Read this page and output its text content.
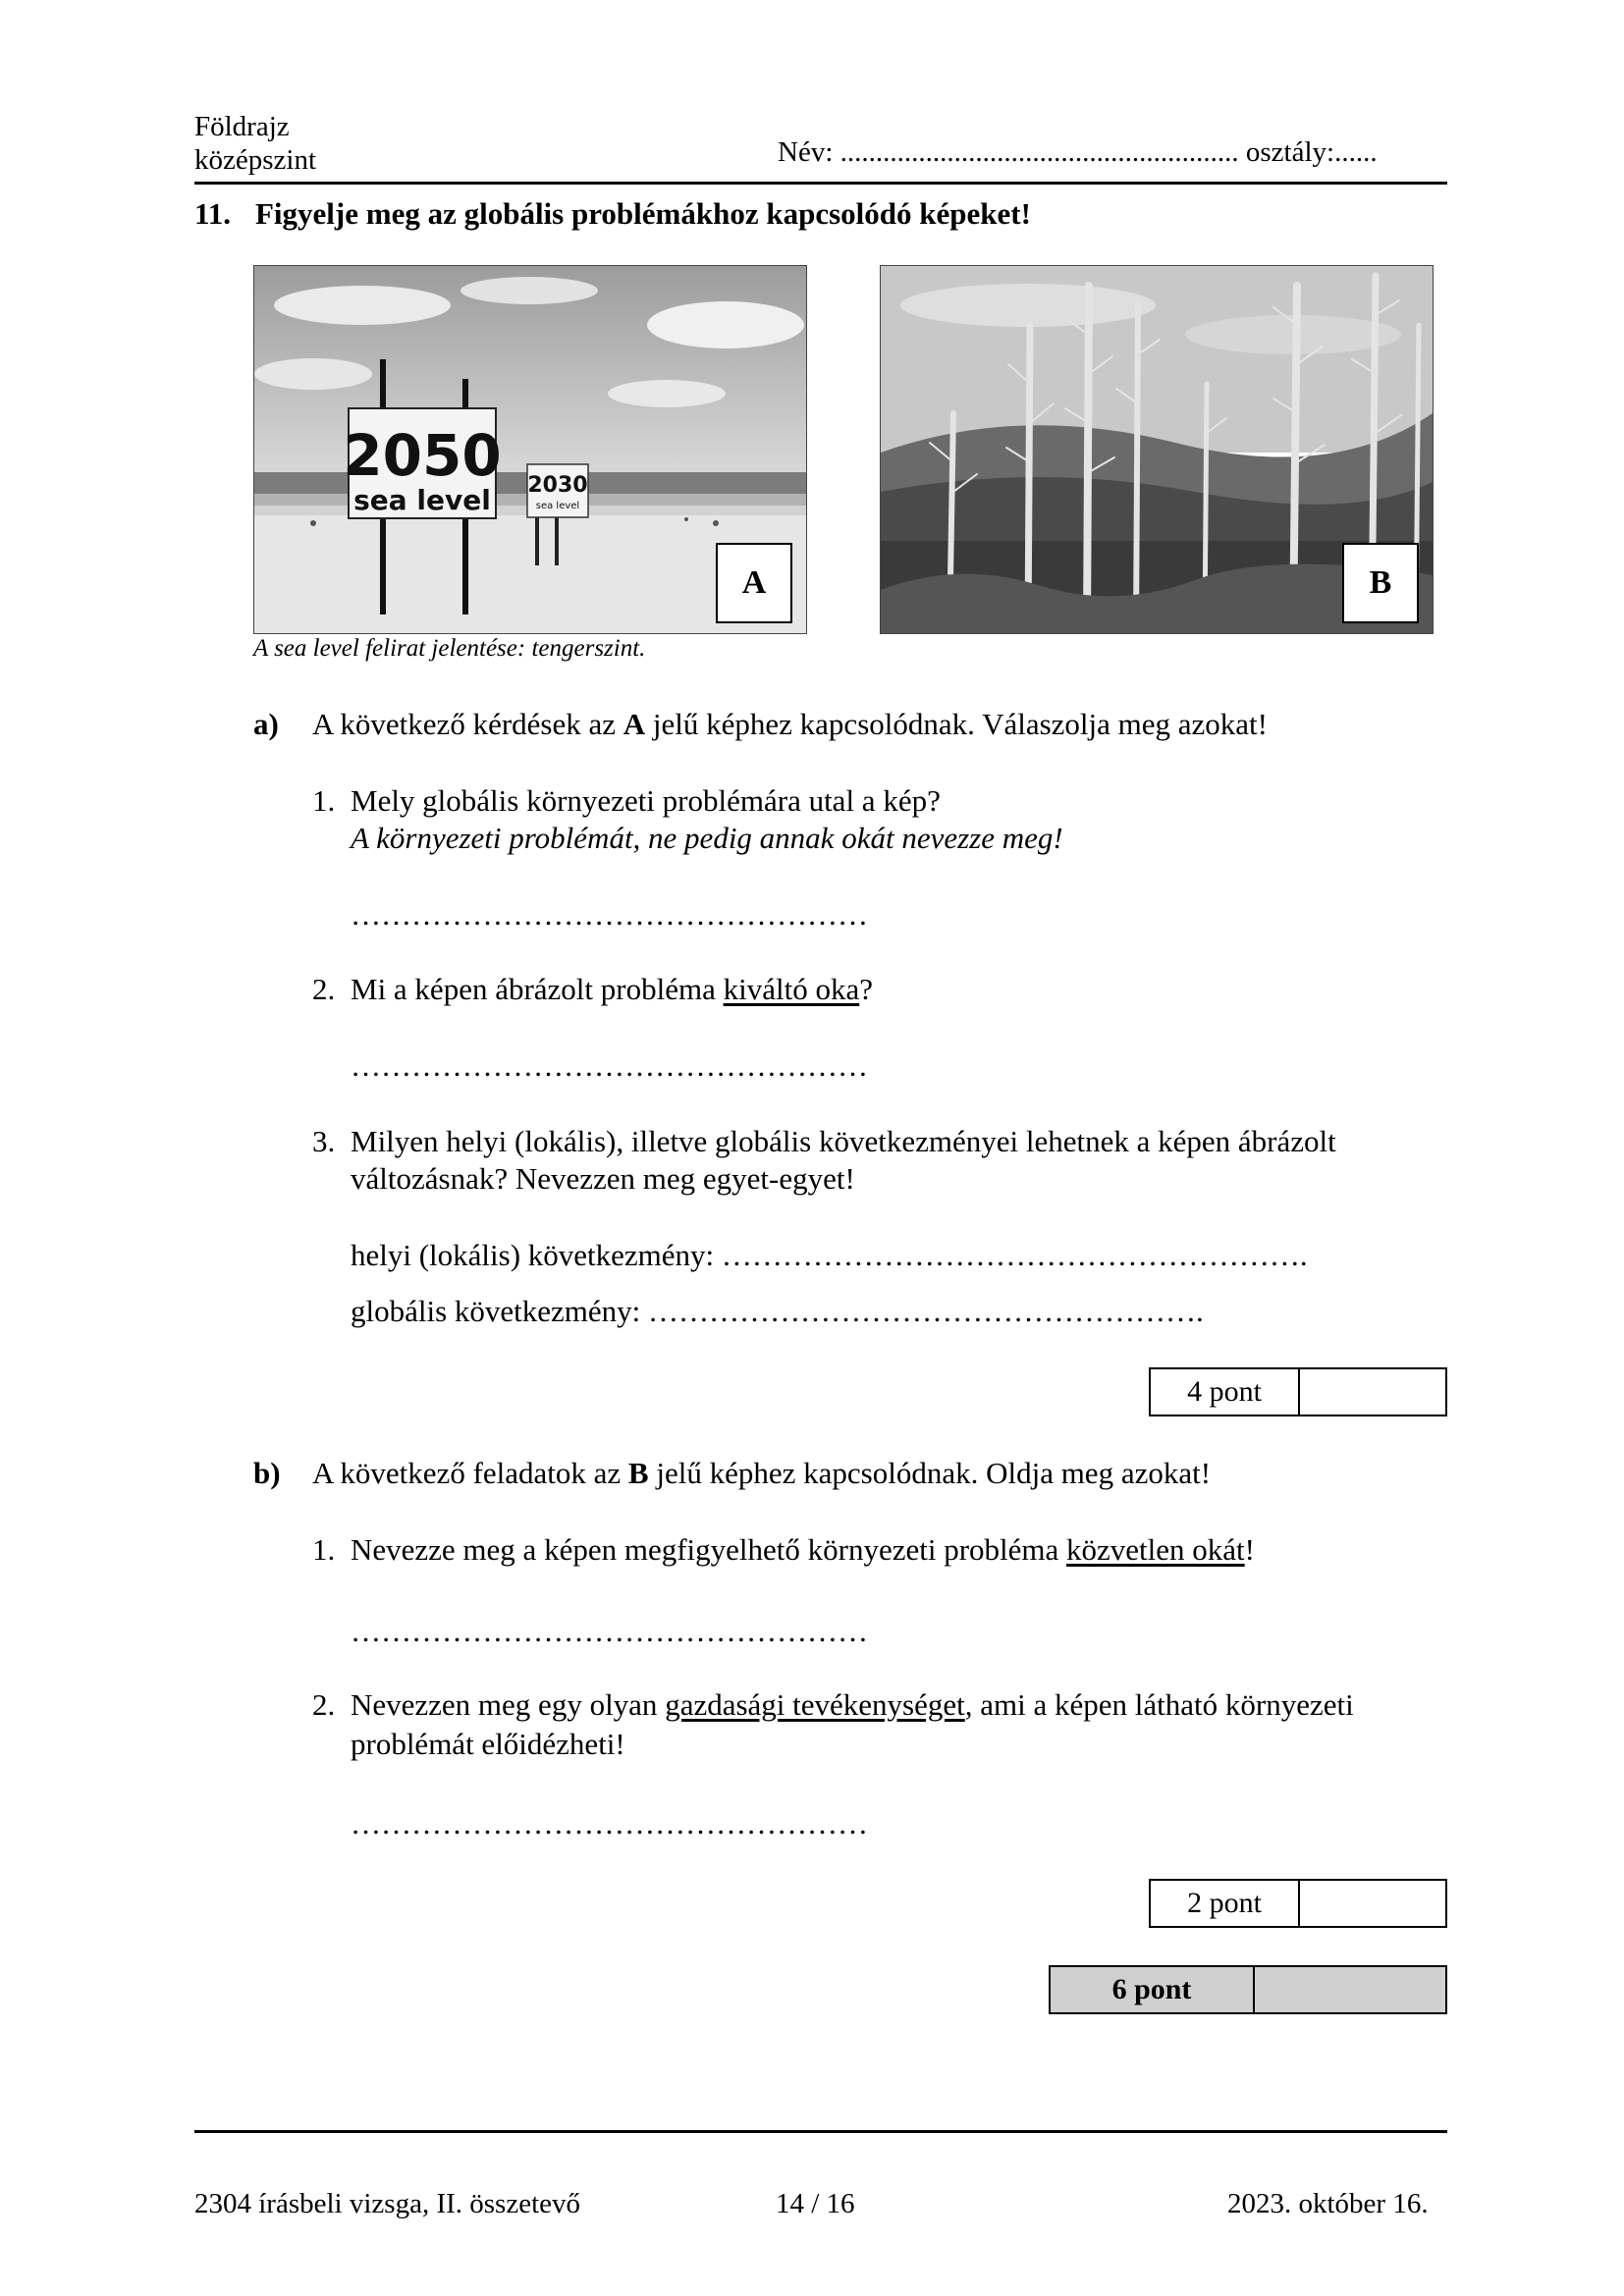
Földrajz
középszint	Név: ........................................................ osztály:......
11. Figyelje meg az globális problémákhoz kapcsolódó képeket!
2050
sea level 2030
sea level
A	B
A sea level felirat jelentése: tengerszint.
a) A következő kérdések az A jelű képhez kapcsolódnak. Válaszolja meg azokat!
1. Mely globális környezeti problémára utal a kép?
A környezeti problémát, ne pedig annak okát nevezze meg!
……………………………………………
2. Mi a képen ábrázolt probléma kiváltó oka?
……………………………………………
3. Milyen helyi (lokális), illetve globális következményei lehetnek a képen ábrázolt
változásnak? Nevezzen meg egyet-egyet!
helyi (lokális) következmény: ………………………………………………….
globális következmény: ……………………………………………….
4 pont
b) A következő feladatok az B jelű képhez kapcsolódnak. Oldja meg azokat!
1. Nevezze meg a képen megfigyelhető környezeti probléma közvetlen okát!
……………………………………………
2. Nevezzen meg egy olyan gazdasági tevékenységet, ami a képen látható környezeti
problémát előidézheti!
……………………………………………
2 pont
6 pont
2304 írásbeli vizsga, II. összetevő	14 / 16	2023. október 16.
